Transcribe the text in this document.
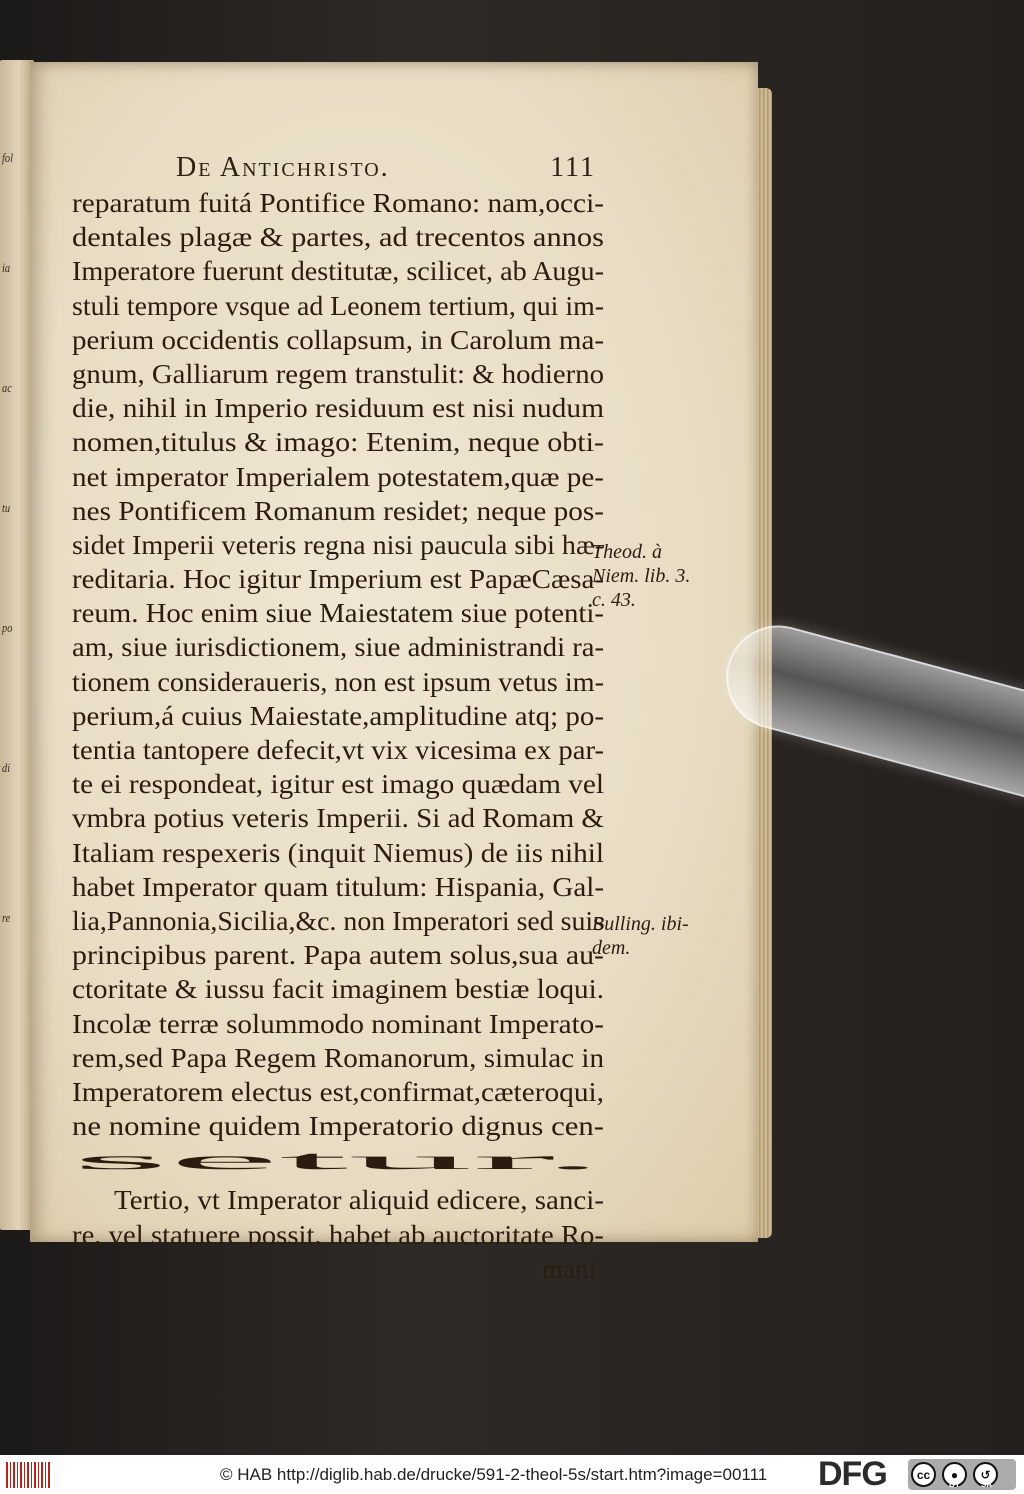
fol
ia
ac
tu
po
di
re
De Antichristo.	111
reparatum fuitá Pontifice Romano: nam,occi-
dentales plagæ & partes, ad trecentos annos
Imperatore fuerunt destitutæ, scilicet, ab Augu-
stuli tempore vsque ad Leonem tertium, qui im-
perium occidentis collapsum, in Carolum ma-
gnum, Galliarum regem transtulit: & hodierno
die, nihil in Imperio residuum est nisi nudum
nomen,titulus & imago: Etenim, neque obti-
net imperator Imperialem potestatem,quæ pe-
nes Pontificem Romanum residet; neque pos-
sidet Imperii veteris regna nisi paucula sibi hæ-
reditaria. Hoc igitur Imperium est PapæCæsa-
reum. Hoc enim siue Maiestatem siue potenti-
am, siue iurisdictionem, siue administrandi ra-
tionem consideraueris, non est ipsum vetus im-
perium,á cuius Maiestate,amplitudine atq; po-
tentia tantopere defecit,vt vix vicesima ex par-
te ei respondeat, igitur est imago quædam vel
vmbra potius veteris Imperii. Si ad Romam &
Italiam respexeris (inquit Niemus) de iis nihil
habet Imperator quam titulum: Hispania, Gal-
lia,Pannonia,Sicilia,&c. non Imperatori sed suis
principibus parent. Papa autem solus,sua au-
ctoritate & iussu facit imaginem bestiæ loqui.
Incolæ terræ solummodo nominant Imperato-
rem,sed Papa Regem Romanorum, simulac in
Imperatorem electus est,confirmat,cæteroqui,
ne nomine quidem Imperatorio dignus cen-
setur.
Tertio, vt Imperator aliquid edicere, sanci-
re, vel statuere possit, habet ab auctoritate Ro-
mani
Theod. à
Niem. lib. 3.
c. 43.
Bulling. ibi-
dem.
© HAB http://diglib.hab.de/drucke/591-2-theol-5s/start.htm?image=00111 DFG	cc	●	↺
BY	SA
